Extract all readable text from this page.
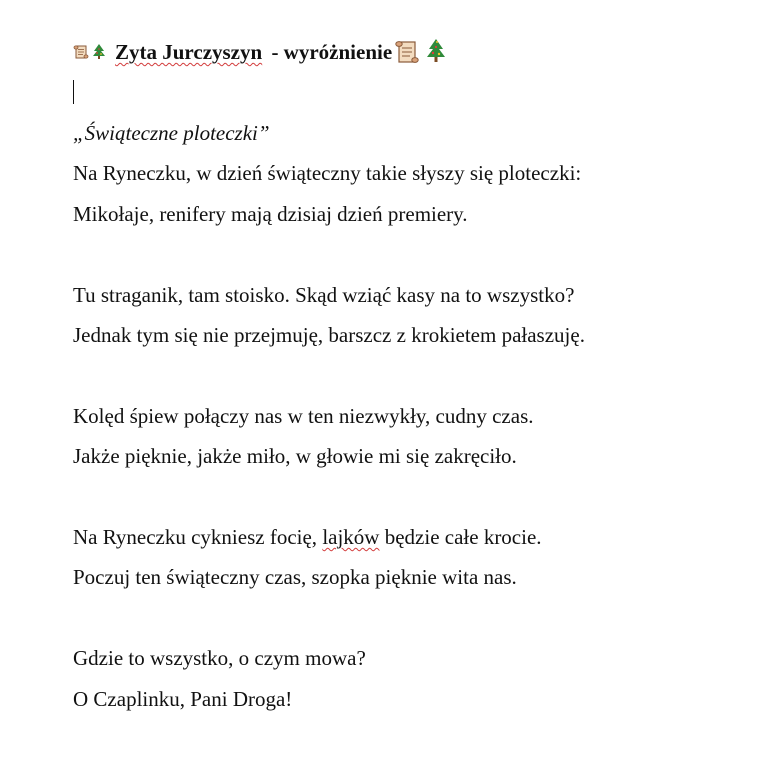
Zyta Jurczyszyn - wyróżnienie
„Świąteczne ploteczki”
Na Ryneczku, w dzień świąteczny takie słyszy się ploteczki:
Mikołaje, renifery mają dzisiaj dzień premiery.
Tu straganik, tam stoisko. Skąd wziąć kasy na to wszystko?
Jednak tym się nie przejmuję, barszcz z krokietem pałaszuję.
Kolęd śpiew połączy nas w ten niezwykły, cudny czas.
Jakże pięknie, jakże miło, w głowie mi się zakręciło.
Na Ryneczku cykniesz focię, lajków będzie całe krocie.
Poczuj ten świąteczny czas, szopka pięknie wita nas.
Gdzie to wszystko, o czym mowa?
O Czaplinku, Pani Droga!
